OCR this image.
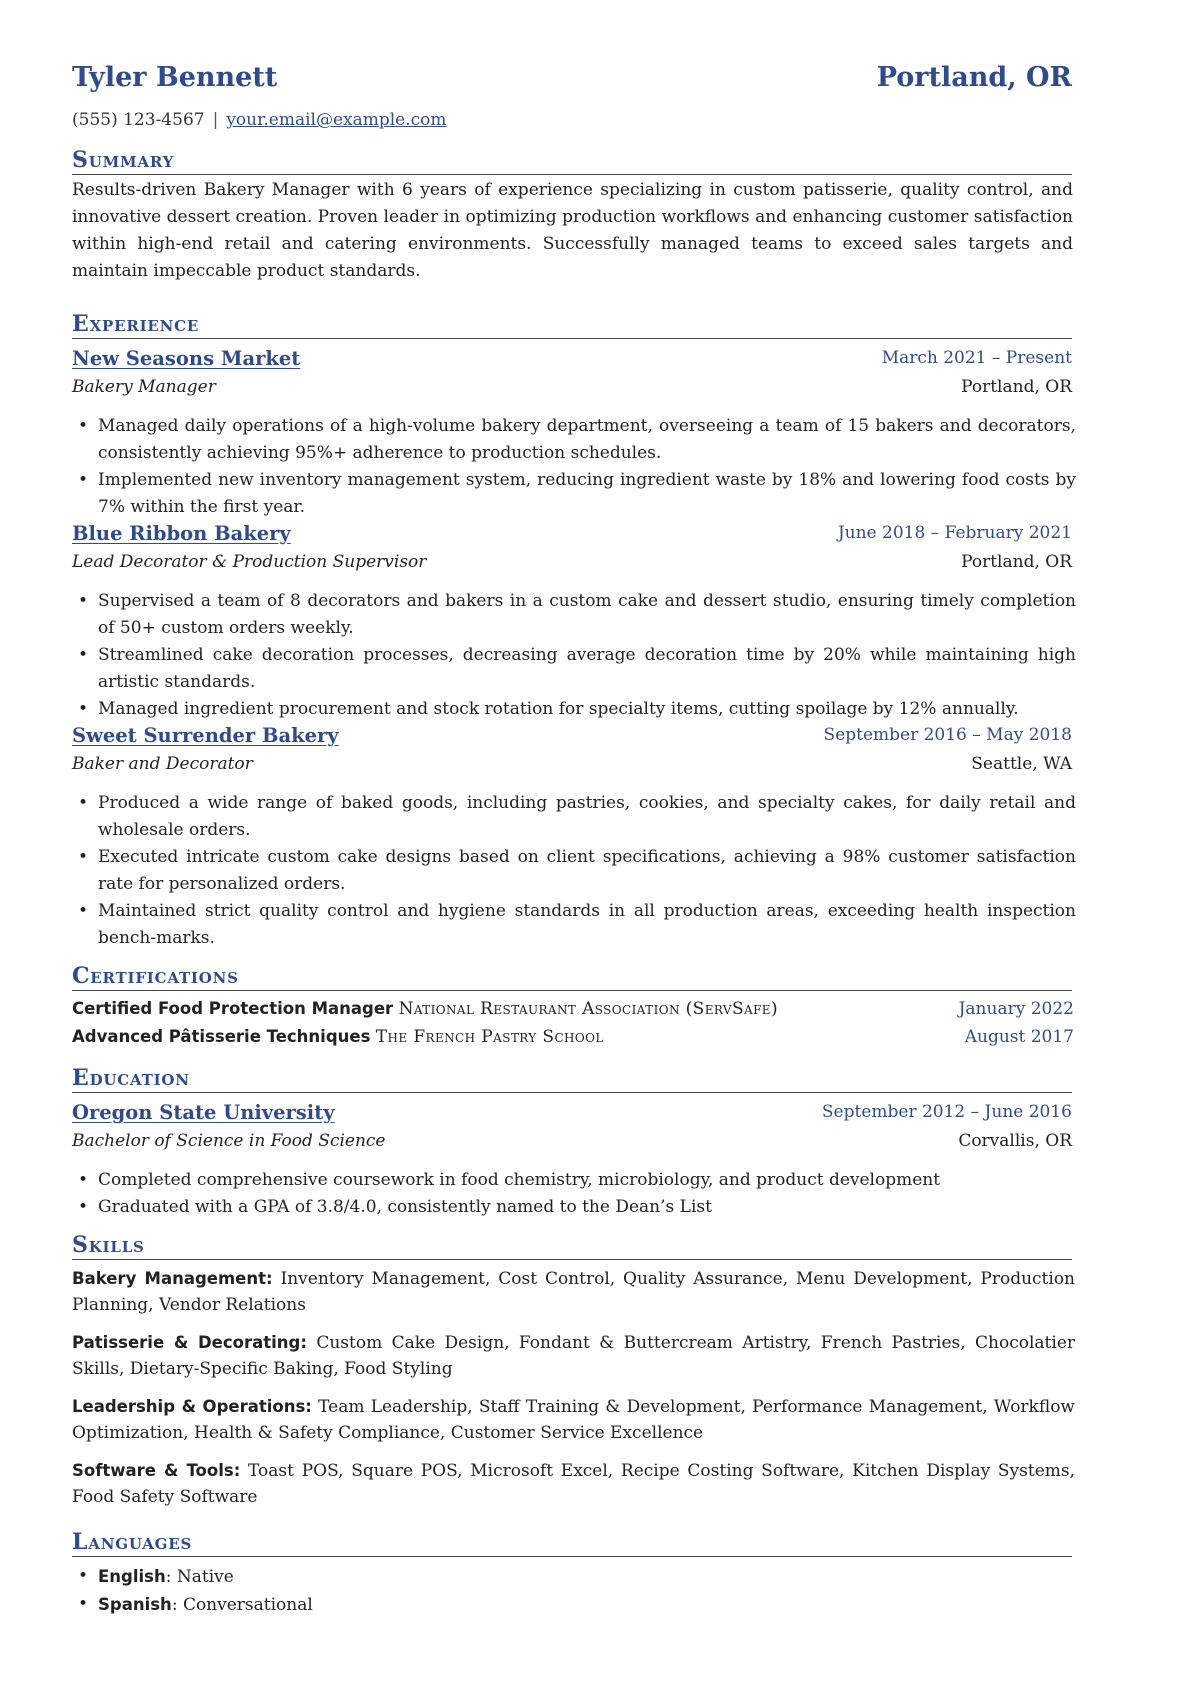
Tyler Bennett	Portland, OR
(555) 123-4567 | your.email@example.com
Summary
Results-driven Bakery Manager with 6 years of experience specializing in custom patisserie, quality control, and innovative dessert creation. Proven leader in optimizing production workflows and enhancing customer satisfaction within high-end retail and catering environments. Successfully managed teams to exceed sales targets and maintain impeccable product standards.
Experience
New Seasons Market	March 2021 – Present
Bakery Manager	Portland, OR
• Managed daily operations of a high-volume bakery department, overseeing a team of 15 bakers and decorators, consistently achieving 95%+ adherence to production schedules.
• Implemented new inventory management system, reducing ingredient waste by 18% and lowering food costs by 7% within the first year.
Blue Ribbon Bakery	June 2018 – February 2021
Lead Decorator & Production Supervisor	Portland, OR
• Supervised a team of 8 decorators and bakers in a custom cake and dessert studio, ensuring timely completion of 50+ custom orders weekly.
• Streamlined cake decoration processes, decreasing average decoration time by 20% while maintaining high artistic standards.
• Managed ingredient procurement and stock rotation for specialty items, cutting spoilage by 12% annually.
Sweet Surrender Bakery	September 2016 – May 2018
Baker and Decorator	Seattle, WA
• Produced a wide range of baked goods, including pastries, cookies, and specialty cakes, for daily retail and wholesale orders.
• Executed intricate custom cake designs based on client specifications, achieving a 98% customer satisfaction rate for personalized orders.
• Maintained strict quality control and hygiene standards in all production areas, exceeding health inspection bench-marks.
Certifications
Certified Food Protection Manager National Restaurant Association (ServSafe)	January 2022
Advanced Pâtisserie Techniques The French Pastry School	August 2017
Education
Oregon State University	September 2012 – June 2016
Bachelor of Science in Food Science	Corvallis, OR
• Completed comprehensive coursework in food chemistry, microbiology, and product development
• Graduated with a GPA of 3.8/4.0, consistently named to the Dean’s List
Skills
Bakery Management: Inventory Management, Cost Control, Quality Assurance, Menu Development, Production Planning, Vendor Relations
Patisserie & Decorating: Custom Cake Design, Fondant & Buttercream Artistry, French Pastries, Chocolatier Skills, Dietary-Specific Baking, Food Styling
Leadership & Operations: Team Leadership, Staff Training & Development, Performance Management, Workflow Optimization, Health & Safety Compliance, Customer Service Excellence
Software & Tools: Toast POS, Square POS, Microsoft Excel, Recipe Costing Software, Kitchen Display Systems, Food Safety Software
Languages
• English: Native
• Spanish: Conversational
